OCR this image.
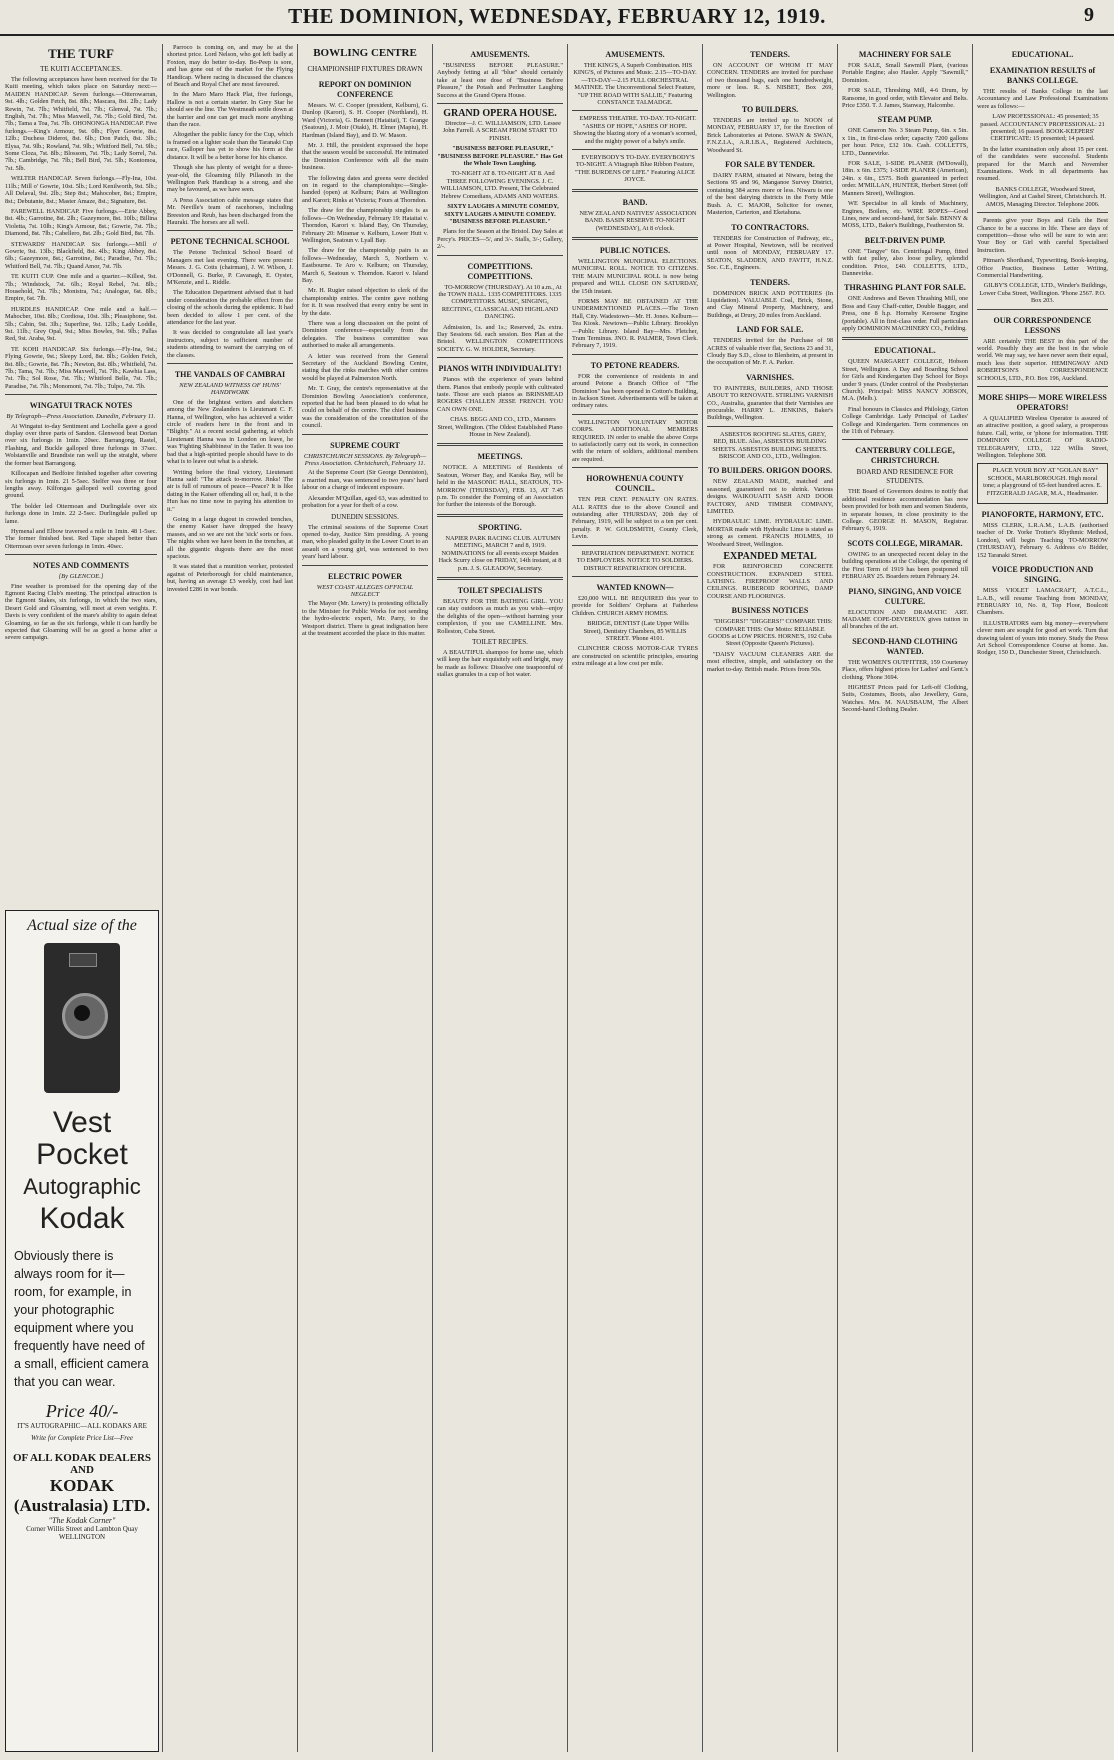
THE DOMINION, WEDNESDAY, FEBRUARY 12, 1919.	9
THE TURF
TE KUITI ACCEPTANCES.

The following acceptances have been received for the Te Kuiti meeting, which takes place on Saturday next:—MAIDEN HANDICAP. Seven furlongs.—Otterowarran, 9st. 4lb.; Golden Fetch, 8st. 8lb.; Mascara, 8st. 2lb.; Lady Rewin, 7st. 7lb.; Whitfield, 7st. 7lb.; Glenval, 7st. 7lb.; English, 7st. 7lb.; Miss Maxwell, 7st. 7lb.; Gold Bird, 7st. 7lb.; Tama a Toa, 7st. 7lb. OHONONGA HANDICAP. Five furlongs.—King's Armour, 9st. 0lb.; Flyer Gowrie, 8st. 12lb.; Duchess Diderot, 8st. 6lb.; Don Patch, 8st. 3lb.; Elysa, 7st. 9lb.; Rowland, 7st. 9lb.; Whitford Bell, 7st. 9lb.; Some Cloza, 7st. 8lb.; Blossom, 7st. 7lb.; Lady Sorrel, 7st. 7lb.; Cambridge, 7st. 7lb.; Bell Bird, 7st. 5lb.; Kontomoa, 7st. 5lb.

WELTER HANDICAP. Seven furlongs.—Fly-Ina, 10st. 11lb.; Mill o' Gowrie, 10st. 5lb.; Lord Kenilworth, 9st. 5lb.; All Delaval, 9st. 2lb.; Step 8st.; Mahocober, 8st.; Empire, 8st.; Debutante, 8st.; Master Amaze, 8st.; Signature, 8st.

FAREWELL HANDICAP. Five furlongs.—Eirie Abbey, 8st. 4lb.; Garrotine, 8st. 2lb.; Gazeymore, 8st. 10lb.; Billina Violetta, 7st. 10lb.; King's Armour, 8st.; Gowrie, 7st. 7lb.; Diamond, 8st. 7lb.; Cabellero, 8st. 2lb.; Gold Bird, 8st. 7lb.

STEWARDS' HANDICAP. Six furlongs.—Mill o' Gowrie, 9st. 13lb.; Blackfield, 8st. 4lb.; King Abbey, 8st. 6lb.; Gazeymore, 8st.; Garrotine, 8st.; Paradise, 7st. 7lb.; Whitford Bell, 7st. 7lb.; Quand Amor, 7st. 7lb.

TE KUITI CUP. One mile and a quarter.—Killest, 9st. 7lb.; Windstock, 7st. 6lb.; Royal Rebel, 7st. 8lb.; Household, 7st. 7lb.; Monistra, 7st.; Analogue, 6st. 8lb.; Empire, 6st. 7lb.

HURDLES HANDICAP. One mile and a half.—Mahocber, 10st. 8lb.; Cordiosa, 10st. 3lb.; Pleasiphone, 9st. 5lb.; Cabin, 9st. 3lb.; Superfine, 9st. 12lb.; Lady Loddle, 9st. 11lb.; Grey Opal, 9st.; Miss Bowles, 9st. 9lb.; Pallas Red, 9st. Araba, 9st.

TE KOHI HANDICAP. Six furlongs.—Fly-Ina, 9st.; Flying Gowrie, 9st.; Sleepy Lord, 8st. 8lb.; Golden Fetch, 8st. 8lb.; Gowrie, 8st. 7lb.; Newton, 8st. 8lb.; Whitfield, 7st. 7lb.; Tama, 7st. 7lb.; Miss Maxwell, 7st. 7lb.; Kawhia Lass, 7st. 7lb.; Sol Rose, 7st. 7lb.; Whitford Belle, 7st. 7lb.; Paradise, 7st. 7lb.; Monomoni, 7st. 7lb.; Tulpo, 7st. 7lb.

WINGATUI TRACK NOTES
By Telegraph—Press Association. Dunedin, February 11.

At Wingatui to-day Sentiment and Lochella gave a good display over three parts of Sandon. Glenwood beat Dorian over six furlongs in 1min. 20sec. Barrangong, Rastel, Flashing, and Buckle galloped three furlongs in 37sec. Wolstanville and Brandisie ran well up the straight, where the former beat Barrangong.

Killocapan and Bedfoire finished together after covering six furlongs in 1min. 21 5-5sec. Stelfer was three or four lengths away. Kilfongas galloped well covering good ground.

The bolder led Ottermoan and Durlingdale over six furlongs done in 1min. 22 2-5sec. Durlingdale pulled up lame.

Hymenal and Elbow traversed a mile in 1min. 48 1-5sec. The former finished best. Red Tape shaped better than Ottermoan over seven furlongs in 1min. 40sec.

NOTES AND COMMENTS
[By GLENCOE.]

Fine weather is promised for the opening day of the Egmont Racing Club's meeting. The principal attraction is the Egmont Stakes, six furlongs, in which the two stars, Desert Gold and Gloaming, will meet at even weights. F. Davis is very confident of the mare's ability to again defeat Gloaming, so far as the six furlongs, while it can hardly be expected that Gloaming will be as good a horse after a severe campaign.

Actual size of the
Vest
Pocket
Autographic
Kodak
Obviously there is always room for it—room, for example, in your photographic equipment where you frequently have need of a small, efficient camera that you can wear.
Price 40/-
IT'S AUTOGRAPHIC—ALL KODAKS ARE
Write for Complete Price List—Free
OF ALL KODAK DEALERS AND
KODAK (Australasia) LTD.
"The Kodak Corner"
Corner Willis Street and Lambton Quay WELLINGTON

Parroco is coming on, and may be at the shortest price. Lord Nelson, who got left badly at Foxton, may do better to-day. Bo-Peep is sore, and has gone out of the market for the Flying Handicap. Where racing is discussed the chances of Beach and Royal Chef are most favoured.

In the Maro Maro Hack Plat, five furlongs, Hallow is not a certain starter. In Grey Star he should see the line. The Westmeath settle down at the barrier and one can get much more anything than the race.

Altogether the public fancy for the Cup, which is framed on a lighter scale than the Taranaki Cup race, Galloper has yet to show his form at the distance. It will be a better horse for his chance.

Though she has plenty of weight for a three-year-old, the Gloaming filly Pillanoth in the Wellington Park Handicap is a strong, and she may be favoured, as we have seen.

A Press Association cable message states that Mr. Neville's team of racehorses, including Breeston and Reub, has been discharged from the Hauraki. The horses are all well.

PETONE TECHNICAL SCHOOL

The Petone Technical School Board of Managers met last evening. There were present: Messrs. J. G. Cotts (chairman), J. W. Wilson, J. O'Donnell, G. Burke, P. Cavanagh, E. Oyster, M'Kenzie, and L. Riddle.

The Education Department advised that it had under consideration the probable effect from the closing of the schools during the epidemic. It had been decided to allow 1 per cent. of the attendance for the last year.

It was decided to congratulate all last year's instructors, subject to sufficient number of students attending to warrant the carrying on of the classes.

THE VANDALS OF CAMBRAI
NEW ZEALAND WITNESS OF HUNS' HANDIWORK

One of the brightest writers and sketchers among the New Zealanders is Lieutenant C. F. Hanna, of Wellington, who has achieved a wider circle of readers here in the front and in "Blighty." At a recent social gathering, at which Lieutenant Hanna was in London on leave, he was 'Fighting Shabbiness' in the Tatler. It was too bad that a high-spirited people should have to do what is to leave out what is a shriek.

Writing before the final victory, Lieutenant Hanna said: "The attack to-morrow. Jinks! The air is full of rumours of peace—Peace? It is like dating in the Kaiser offending all or, hail, it is the Hun has no time now in paying his attention to it."

Going in a large dugout in crowded trenches, the enemy Kaiser have dropped the heavy masses, and so we are not the 'sick' sorts or foes. The nights when we have been in the trenches, at all the gigantic dugouts there are the most spacious.

It was stated that a munition worker, protested against of Peterborough for child maintenance, but, having an average £3 weekly, cost had last invested £286 in war bonds.

BOWLING CENTRE
CHAMPIONSHIP FIXTURES DRAWN
REPORT ON DOMINION CONFERENCE

Messrs. W. C. Cooper (president, Kelburn), G. Dunlop (Karori), S. H. Cooper (Northland), H. Ward (Victoria), G. Bennett (Hataitai), T. Grange (Seatoun), J. Moir (Otaki), H. Elmer (Mapiu), H. Hardman (Island Bay), and D. W. Mason.

Mr. J. Hill, the president expressed the hope that the season would be successful. He intimated the Dominion Conference with all the main business.

The following dates and greens were decided on in regard to the championships:—Single-handed (open) at Kelburn; Pairs at Wellington and Karori; Rinks at Victoria; Fours at Thorndon.

The draw for the championship singles is as follows—On Wednesday, February 19: Hataitai v. Thorndon, Karori v. Island Bay, On Thursday, February 20: Miramar v. Kelburn, Lower Hutt v. Wellington, Seatoun v. Lyall Bay.

The draw for the championship pairs is as follows—Wednesday, March 5, Northern v. Eastbourne. Te Aro v. Kelburn; on Thursday, March 6, Seatoun v. Thorndon. Karori v. Island Bay.

Mr. H. Rugier raised objection to clerk of the championship entries. The centre gave nothing for it. It was resolved that every entry be sent in by the date.

There was a long discussion on the point of Dominion conference—especially from the delegates. The business committee was authorised to make all arrangements.

A letter was received from the General Secretary of the Auckland Bowling Centre, stating that the rinks matches with other centres would be played at Palmerston North.

Mr. T. Gray, the centre's representative at the Dominion Bowling Association's conference, reported that he had been pleased to do what he could on behalf of the centre. The chief business was the consideration of the constitution of the council.

SUPREME COURT
CHRISTCHURCH SESSIONS. By Telegraph—Press Association. Christchurch, February 11.

At the Supreme Court (Sir George Denniston), a married man, was sentenced to two years' hard labour on a charge of indecent exposure.

Alexander M'Quillan, aged 63, was admitted to probation for a year for theft of a cow.

DUNEDIN SESSIONS.

The criminal sessions of the Supreme Court opened to-day, Justice Sim presiding. A young man, who pleaded guilty in the Lower Court to an assault on a young girl, was sentenced to two years' hard labour.

ELECTRIC POWER
WEST COAST ALLEGES OFFICIAL NEGLECT

The Mayor (Mr. Lowry) is protesting officially to the Minister for Public Works for not sending the hydro-electric expert, Mr. Parry, to the Westport district. There is great indignation here at the treatment accorded the place in this matter.

AMUSEMENTS.

"BUSINESS BEFORE PLEASURE." Anybody fetting at all "blue" should certainly take at least one dose of "Business Before Pleasure," the Potash and Perlmutter Laughing Success at the Grand Opera House.

GRAND OPERA HOUSE.

Director—J. C. WILLIAMSON, LTD. Lessee John Farrell. A SCREAM FROM START TO FINISH.

"BUSINESS BEFORE PLEASURE," "BUSINESS BEFORE PLEASURE." Has Got the Whole Town Laughing.

TO-NIGHT AT 8. TO-NIGHT AT 8. And THREE FOLLOWING EVENINGS. J. C. WILLIAMSON, LTD. Present, The Celebrated Hebrew Comedians, ADAMS AND WATERS.

SIXTY LAUGHS A MINUTE COMEDY, SIXTY LAUGHS A MINUTE COMEDY. "BUSINESS BEFORE PLEASURE."

Plans for the Season at the Bristol. Day Sales at Percy's. PRICES—5/, and 3/-. Stalls, 3/-; Gallery, 2/-.

COMPETITIONS. COMPETITIONS.

TO-MORROW (THURSDAY). At 10 a.m., At the TOWN HALL. 1335 COMPETITORS. 1335 COMPETITORS. MUSIC, SINGING, RECITING, CLASSICAL AND HIGHLAND DANCING.

Admission, 1s. and 1s.; Reserved, 2s. extra. Day Sessions 6d. each session. Box Plan at the Bristol. WELLINGTON COMPETITIONS SOCIETY. G. W. HOLDER, Secretary.

PIANOS WITH INDIVIDUALITY!

Pianos with the experience of years behind them. Pianos that embody people with cultivated taste. Those are such pianos as BRINSMEAD ROGERS CHALLEN JESSE FRENCH. YOU CAN OWN ONE.

CHAS. BEGG AND CO., LTD., Manners Street, Wellington. (The Oldest Established Piano House in New Zealand).

MEETINGS.

NOTICE. A MEETING of Residents of Seatoun, Worser Bay, and Karaka Bay, will be held in the MASONIC HALL, SEATOUN, TO-MORROW (THURSDAY), FEB. 13, AT 7.45 p.m. To consider the Forming of an Association for further the interests of the Borough.

SPORTING.

NAPIER PARK RACING CLUB. AUTUMN MEETING, MARCH 7 and 8, 1919. NOMINATIONS for all events except Maiden Hack Scurry close on FRIDAY, 14th instant, at 8 p.m. J. S. GLEADOW, Secretary.

TOILET SPECIALISTS

BEAUTY FOR THE BATHING GIRL. YOU can stay outdoors as much as you wish—enjoy the delights of the open—without harming your complexion, if you use CAMELLINE. Mrs. Rolleston, Cuba Street.

TOILET RECIPES.

A BEAUTIFUL shampoo for home use, which will keep the hair exquisitely soft and bright, may be made as follows: Dissolve one teaspoonful of stallax granules in a cup of hot water.

AMUSEMENTS.

THE KING'S, A Superb Combination. HIS KING'S, of Pictures and Music. 2.15—TO-DAY.—TO-DAY—2.15 FULL ORCHESTRAL MATINEE. The Unconventional Select Feature, "UP THE ROAD WITH SALLIE," Featuring CONSTANCE TALMADGE.

EMPRESS THEATRE. TO-DAY. TO-NIGHT. "ASHES OF HOPE," ASHES OF HOPE. Showing the blazing story of a woman's scorned, and the mighty power of a baby's smile.

EVERYBODY'S TO-DAY. EVERYBODY'S TO-NIGHT. A Vitagraph Blue Ribbon Feature, "THE BURDENS OF LIFE." Featuring ALICE JOYCE.

BAND.

NEW ZEALAND NATIVES' ASSOCIATION BAND. BASIN RESERVE TO-NIGHT (WEDNESDAY), At 8 o'clock.

PUBLIC NOTICES.

WELLINGTON MUNICIPAL ELECTIONS. MUNICIPAL ROLL. NOTICE TO CITIZENS. THE MAIN MUNICIPAL ROLL is now being prepared and WILL CLOSE ON SATURDAY, the 15th instant.

FORMS MAY BE OBTAINED AT THE UNDERMENTIONED PLACES.—The Town Hall, City. Wadestown—Mr. H. Jones. Kelburn—Tea Kiosk. Newtown—Public Library. Brooklyn—Public Library. Island Bay—Mrs. Fletcher, Tram Terminus. JNO. R. PALMER, Town Clerk. February 7, 1919.

TO PETONE READERS.

FOR the convenience of residents in and around Petone a Branch Office of "The Dominion" has been opened in Cotton's Building, in Jackson Street. Advertisements will be taken at ordinary rates.

WELLINGTON VOLUNTARY MOTOR CORPS. ADDITIONAL MEMBERS REQUIRED. IN order to enable the above Corps to satisfactorily carry out its work, in connection with the return of soldiers, additional members are required.

HOROWHENUA COUNTY COUNCIL.

TEN PER CENT. PENALTY ON RATES. ALL RATES due to the above Council and outstanding after THURSDAY, 20th day of February, 1919, will be subject to a ten per cent. penalty. P. W. GOLDSMITH, County Clerk, Levin.

REPATRIATION DEPARTMENT. NOTICE TO EMPLOYERS. NOTICE TO SOLDIERS. DISTRICT REPATRIATION OFFICER.

WANTED KNOWN—

£20,000 WILL BE REQUIRED this year to provide for Soldiers' Orphans at Fatherless Children. CHURCH ARMY HOMES.

BRIDGE, DENTIST (Late Upper Willis Street), Dentistry Chambers, 85 WILLIS STREET. 'Phone 4101.

CLINCHER CROSS MOTOR-CAR TYRES are constructed on scientific principles, ensuring extra mileage at a low cost per mile.

TENDERS.

ON ACCOUNT OF WHOM IT MAY CONCERN. TENDERS are invited for purchase of two thousand bags, each one hundredweight, more or less. R. S. NISBET, Box 269, Wellington.

TO BUILDERS.

TENDERS are invited up to NOON of MONDAY, FEBRUARY 17, for the Erection of Brick Laboratories at Petone. SWAN & SWAN, F.N.Z.I.A., A.R.I.B.A., Registered Architects, Woodward St.

FOR SALE BY TENDER.

DAIRY FARM, situated at Niwaru, being the Sections 95 and 96, Manganoe Survey District, containing 384 acres more or less. Niwaru is one of the best dairying districts in the Forty Mile Bush. A. C. MAJOR, Solicitor for owner, Masterton, Carterton, and Eketahuna.

TO CONTRACTORS.

TENDERS for Construction of Pathway, etc., at Power Hospital, Newtown, will be received until noon of MONDAY, FEBRUARY 17. SEATON, SLADDEN, AND FAVITT, H.N.Z. Soc. C.E., Engineers.

TENDERS.

DOMINION BRICK AND POTTERIES (In Liquidation). VALUABLE Coal, Brick, Stone, and Clay Mineral Property, Machinery, and Buildings, at Drury, 20 miles from Auckland.

LAND FOR SALE.

TENDERS invited for the Purchase of 98 ACRES of valuable river flat, Sections 23 and 31, Cloudy Bay S.D., close to Blenheim, at present in the occupation of Mr. F. A. Parker.

VARNISHES.

TO PAINTERS, BUILDERS, AND THOSE ABOUT TO RENOVATE. STIRLING VARNISH CO., Australia, guarantee that their Varnishes are procurable. HARRY L. JENKINS, Baker's Buildings, Wellington.

ASBESTOS ROOFING SLATES, GREY, RED, BLUE. Also, ASBESTOS BUILDING SHEETS. ASBESTOS BUILDING SHEETS. BRISCOE AND CO., LTD., Wellington.

TO BUILDERS. ORIGON DOORS.

NEW ZEALAND MADE, matched and seasoned, guaranteed not to shrink. Various designs. WAIKOUAITI SASH AND DOOR FACTORY, AND TIMBER COMPANY, LIMITED.

HYDRAULIC LIME. HYDRAULIC LIME. MORTAR made with Hydraulic Lime is stated as strong as cement. FRANCIS HOLMES, 10 Woodward Street, Wellington.

EXPANDED METAL

FOR REINFORCED CONCRETE CONSTRUCTION. EXPANDED STEEL LATHING. FIREPROOF WALLS AND CEILINGS. RUBEROID ROOFING, DAMP COURSE AND FLOORINGS.

BUSINESS NOTICES

"DIGGERS!" "DIGGERS!" COMPARE THIS: COMPARE THIS: Our Motto: RELIABLE GOODS at LOW PRICES. HORNE'S, 192 Cuba Street (Opposite Queen's Pictures).

"DAISY VACUUM CLEANERS ARE the most effective, simple, and satisfactory on the market to-day. British made. Prices from 50s.

MACHINERY FOR SALE

FOR SALE, Small Sawmill Plant, (various Portable Engine; also Hauler. Apply "Sawmill," Dominion.

FOR SALE, Threshing Mill, 4-6 Drum, by Ransome, in good order, with Elevator and Belts. Price £350. T. J. James, Stanway, Halcombe.

STEAM PUMP.

ONE Cameron No. 3 Steam Pump, 6in. x 5in. x 1in., in first-class order; capacity 7200 gallons per hour. Price, £32 10s. Cash. COLLETTS, LTD., Dannevirke.

FOR SALE, 1-SIDE PLANER (M'Dowall), 18in. x 6in. £375; 1-SIDE PLANER (American), 24in. x 6in., £575. Both guaranteed in perfect order. M'MILLAN, HUNTER, Herbert Street (off Manners Street), Wellington.

WE Specialise in all kinds of Machinery, Engines, Boilers, etc. WIRE ROPES—Good Lines, new and second-hand, for Sale. BENNY & MOSS, LTD., Baker's Buildings, Featherston St.

BELT-DRIVEN PUMP.

ONE "Tangye" 6in. Centrifugal Pump, fitted with fast pulley, also loose pulley, splendid condition. Price, £40. COLLETTS, LTD., Dannevirke.

THRASHING PLANT FOR SALE.

ONE Andrews and Beven Thrashing Mill, one Boss and Gray Chaff-cutter, Double Bagger, and Press, one 8 h.p. Hornsby Kerosene Engine (portable). All in first-class order. Full particulars apply DOMINION MACHINERY CO., Feilding.

EDUCATIONAL.

QUEEN MARGARET COLLEGE, Hobson Street, Wellington. A Day and Boarding School for Girls and Kindergarten Day School for Boys under 9 years. (Under control of the Presbyterian Church). Principal: MISS NANCY JOBSON, M.A. (Melb.).

Final honours in Classics and Philology, Girton College Cambridge. Lady Principal of Ladies' College and Kindergarten. Term commences on the 11th of February.

CANTERBURY COLLEGE, CHRISTCHURCH.
BOARD AND RESIDENCE FOR STUDENTS.

THE Board of Governors desires to notify that additional residence accommodation has now been provided for both men and women Students, in separate houses, in close proximity to the College. GEORGE H. MASON, Registrar. February 6, 1919.

SCOTS COLLEGE, MIRAMAR.

OWING to an unexpected recent delay in the building operations at the College, the opening of the First Term of 1919 has been postponed till FEBRUARY 25. Boarders return February 24.

PIANO, SINGING, AND VOICE CULTURE.

ELOCUTION AND DRAMATIC ART. MADAME COPE-DEVEREUX gives tuition in all branches of the art.

SECOND-HAND CLOTHING WANTED.

THE WOMEN'S OUTFITTER, 159 Courtenay Place, offers highest prices for Ladies' and Gent.'s clothing. 'Phone 3694.

HIGHEST Prices paid for Left-off Clothing, Suits, Costumes, Boots, also Jewellery, Guns, Watches. Mrs. M. NAUSBAUM, The Albert Second-hand Clothing Dealer.

EDUCATIONAL.
EXAMINATION RESULTS of BANKS COLLEGE.

THE results of Banks College in the last Accountancy and Law Professional Examinations were as follows:—

LAW PROFESSIONAL: 45 presented; 35 passed. ACCOUNTANCY PROFESSIONAL: 21 presented; 16 passed. BOOK-KEEPERS' CERTIFICATE: 15 presented; 14 passed.

In the latter examination only about 15 per cent. of the candidates were successful. Students prepared for the March and November Examinations. Work in all departments has resumed.

BANKS COLLEGE, Woodward Street, Wellington, And at Cashel Street, Christchurch. H. AMOS, Managing Director. Telephone 2006.

Parents give your Boys and Girls the Best Chance to be a success in life. These are days of competition—those who will be sure to win are: Your Boy or Girl with careful Specialised Instruction.

Pitman's Shorthand, Typewriting, Book-keeping, Office Practice, Business Letter Writing, Commercial Handwriting.

GILBY'S COLLEGE, LTD., Winder's Buildings, Lower Cuba Street, Wellington. 'Phone 2567. P.O. Box 203.

OUR CORRESPONDENCE LESSONS

ARE certainly THE BEST in this part of the world. Possibly they are the best in the whole world. We may say, we have never seen their equal, much less their superior. HEMINGWAY AND ROBERTSON'S CORRESPONDENCE SCHOOLS, LTD., P.O. Box 196, Auckland.

MORE SHIPS— MORE WIRELESS OPERATORS!

A QUALIFIED Wireless Operator is assured of an attractive position, a good salary, a prosperous future. Call, write, or 'phone for information. THE DOMINION COLLEGE OF RADIO-TELEGRAPHY, LTD., 122 Willis Street, Wellington. Telephone 308.

PLACE YOUR BOY AT "GOLAN BAY" SCHOOL, MARLBOROUGH. High moral tone; a playground of 65-feet hundred acres. E. FITZGERALD JAGAR, M.A., Headmaster.

PIANOFORTE, HARMONY, ETC.

MISS CLERK, L.R.A.M., L.A.B. (authorised teacher of Dr. Yorke Trotter's Rhythmic Method, London), will begin Teaching TO-MORROW (THURSDAY), February 6. Address c/o Bidder, 152 Taranaki Street.

VOICE PRODUCTION AND SINGING.

MISS VIOLET LAMACRAFT, A.T.C.L., L.A.B., will resume Teaching from MONDAY, FEBRUARY 10, No. 8, Top Floor, Boulcott Chambers.

ILLUSTRATORS earn big money—everywhere clever men are sought for good art work. Turn that drawing talent of yours into money. Study the Press Art School Correspondence Course at home. Jas. Rodger, 150 D., Dunchester Street, Christchurch.
